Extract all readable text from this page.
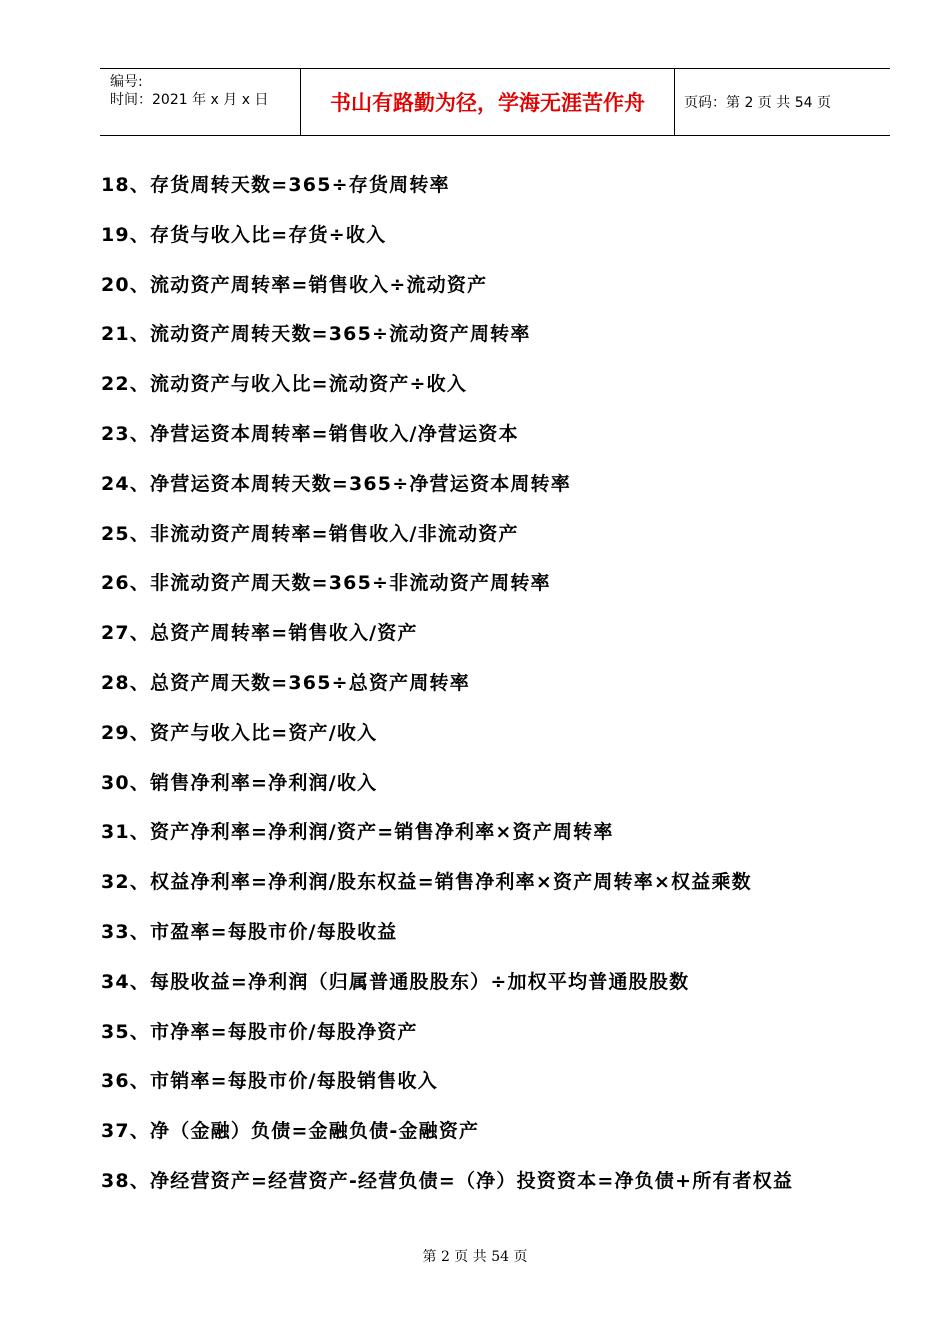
编号:
时间：2021 年 x 月 x 日	书山有路勤为径，学海无涯苦作舟	页码：第 2 页 共 54 页
18、存货周转天数=365÷存货周转率
19、存货与收入比=存货÷收入
20、流动资产周转率=销售收入÷流动资产
21、流动资产周转天数=365÷流动资产周转率
22、流动资产与收入比=流动资产÷收入
23、净营运资本周转率=销售收入/净营运资本
24、净营运资本周转天数=365÷净营运资本周转率
25、非流动资产周转率=销售收入/非流动资产
26、非流动资产周天数=365÷非流动资产周转率
27、总资产周转率=销售收入/资产
28、总资产周天数=365÷总资产周转率
29、资产与收入比=资产/收入
30、销售净利率=净利润/收入
31、资产净利率=净利润/资产=销售净利率×资产周转率
32、权益净利率=净利润/股东权益=销售净利率×资产周转率×权益乘数
33、市盈率=每股市价/每股收益
34、每股收益=净利润（归属普通股股东）÷加权平均普通股股数
35、市净率=每股市价/每股净资产
36、市销率=每股市价/每股销售收入
37、净（金融）负债=金融负债-金融资产
38、净经营资产=经营资产-经营负债=（净）投资资本=净负债+所有者权益
第 2 页 共 54 页
